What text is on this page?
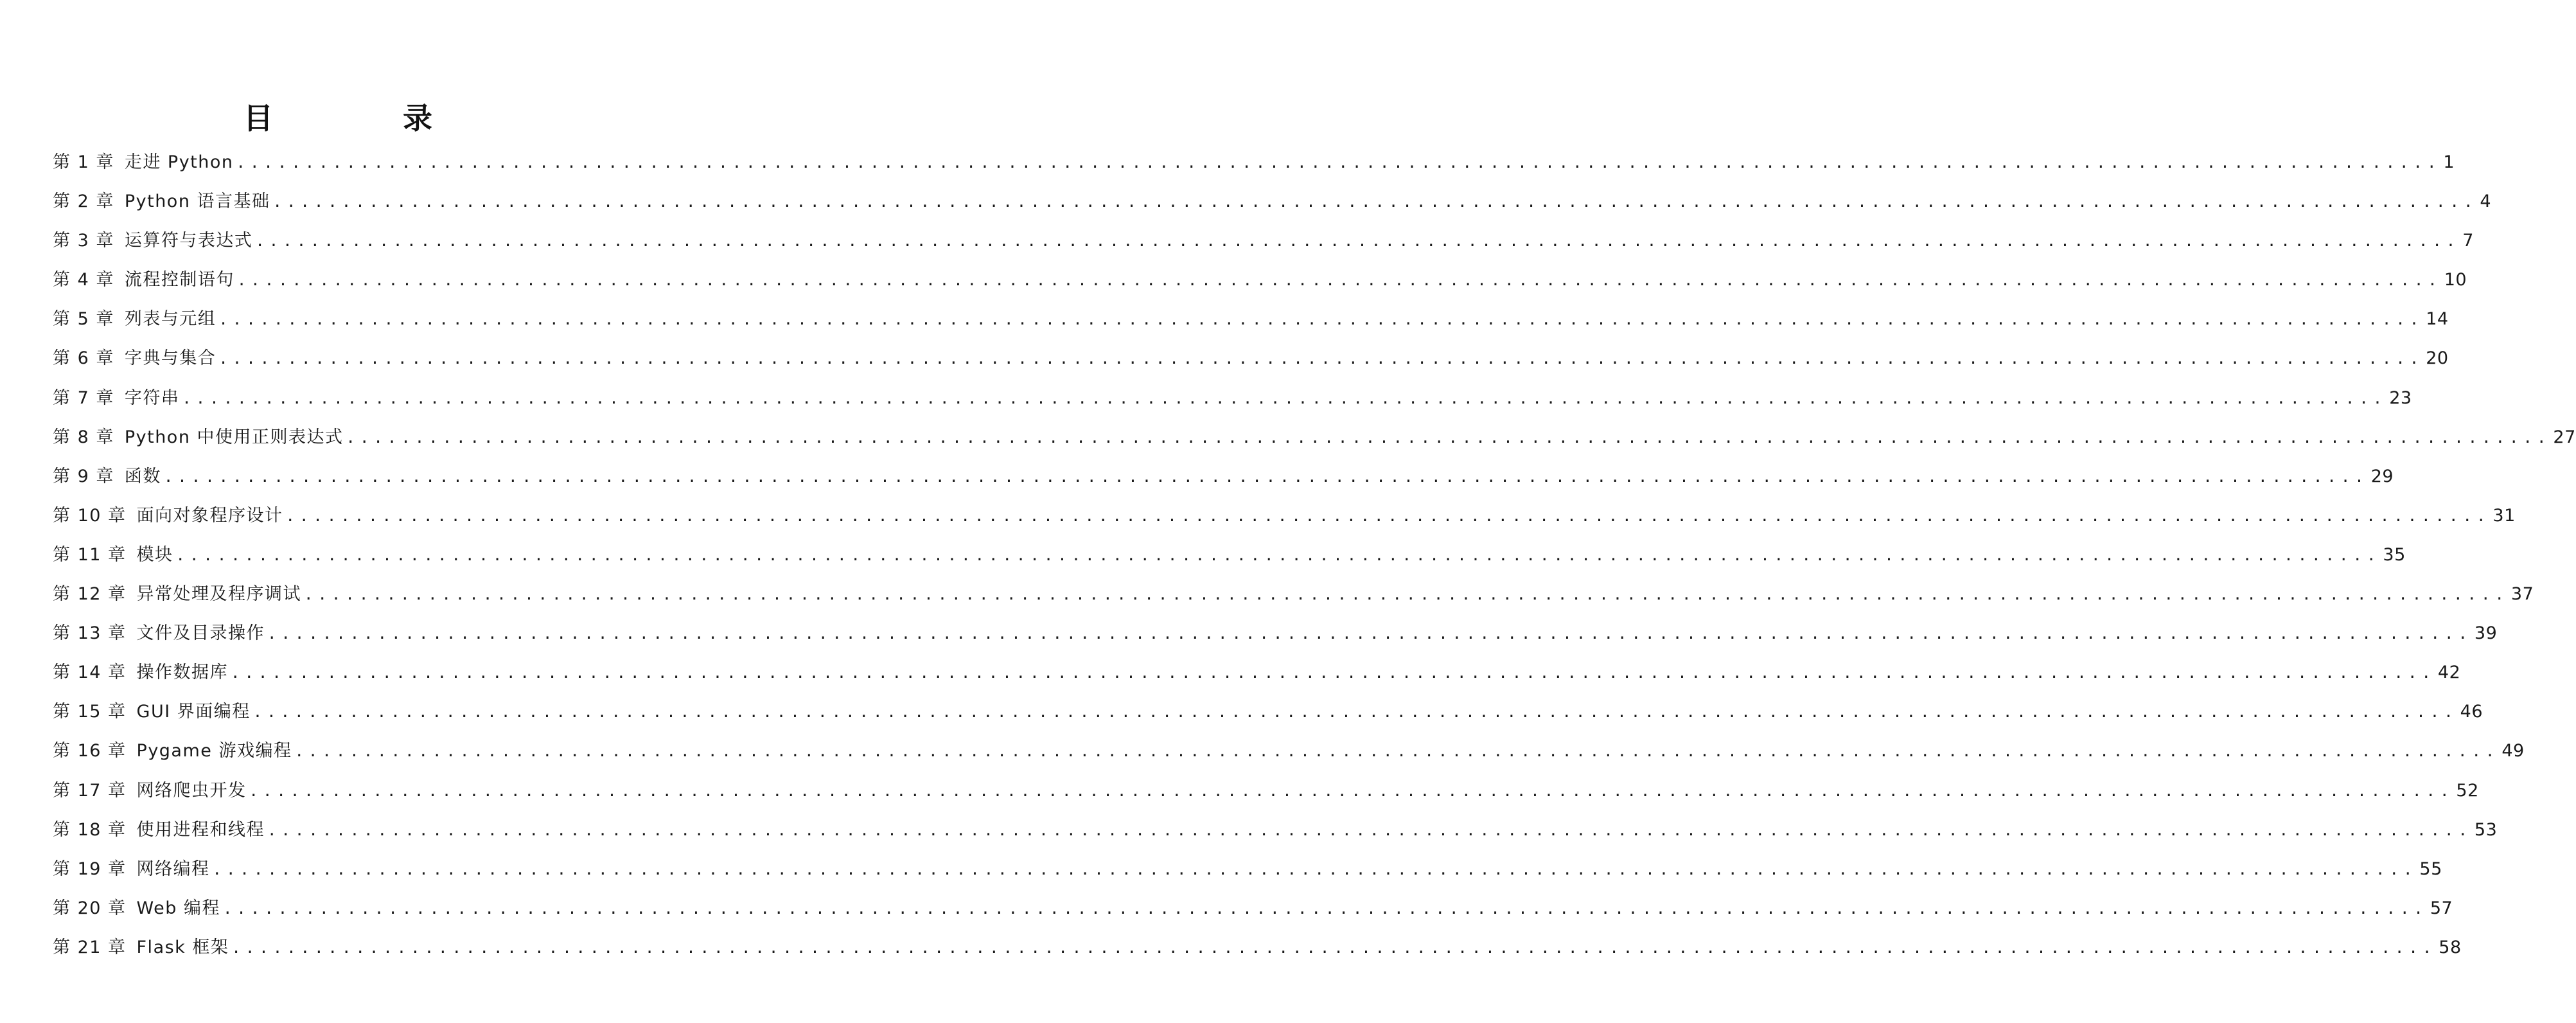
目　录
第 1 章 走进 Python ................................................................................................................................................................ 1
第 2 章 Python 语言基础 ................................................................................................................................................................ 4
第 3 章 运算符与表达式 ................................................................................................................................................................ 7
第 4 章 流程控制语句 ................................................................................................................................................................ 10
第 5 章 列表与元组 ................................................................................................................................................................ 14
第 6 章 字典与集合 ................................................................................................................................................................ 20
第 7 章 字符串 ................................................................................................................................................................ 23
第 8 章 Python 中使用正则表达式 ................................................................................................................................................................ 27
第 9 章 函数 ................................................................................................................................................................ 29
第 10 章 面向对象程序设计 ................................................................................................................................................................ 31
第 11 章 模块 ................................................................................................................................................................ 35
第 12 章 异常处理及程序调试 ................................................................................................................................................................ 37
第 13 章 文件及目录操作 ................................................................................................................................................................ 39
第 14 章 操作数据库 ................................................................................................................................................................ 42
第 15 章 GUI 界面编程 ................................................................................................................................................................ 46
第 16 章 Pygame 游戏编程 ................................................................................................................................................................ 49
第 17 章 网络爬虫开发 ................................................................................................................................................................ 52
第 18 章 使用进程和线程 ................................................................................................................................................................ 53
第 19 章 网络编程 ................................................................................................................................................................ 55
第 20 章 Web 编程 ................................................................................................................................................................ 57
第 21 章 Flask 框架 ................................................................................................................................................................ 58
